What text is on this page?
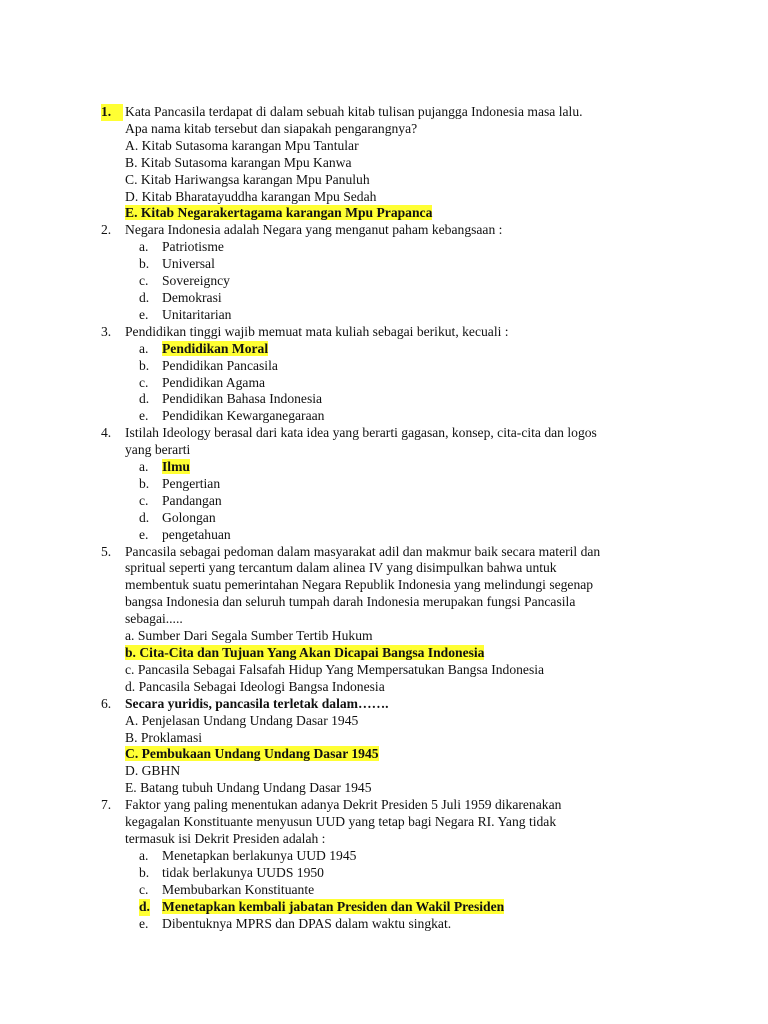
1.	Kata Pancasila terdapat di dalam sebuah kitab tulisan pujangga Indonesia masa lalu.
Apa nama kitab tersebut dan siapakah pengarangnya?
A. Kitab Sutasoma karangan Mpu Tantular
B. Kitab Sutasoma karangan Mpu Kanwa
C. Kitab Hariwangsa karangan Mpu Panuluh
D. Kitab Bharatayuddha karangan Mpu Sedah
E. Kitab Negarakertagama karangan Mpu Prapanca
2.	Negara Indonesia adalah Negara yang menganut paham kebangsaan :
a. Patriotisme
b. Universal
c. Sovereigncy
d. Demokrasi
e. Unitaritarian
3.	Pendidikan tinggi wajib memuat mata kuliah sebagai berikut, kecuali :
a. Pendidikan Moral
b. Pendidikan Pancasila
c. Pendidikan Agama
d. Pendidikan Bahasa Indonesia
e. Pendidikan Kewarganegaraan
4.	Istilah Ideology berasal dari kata idea yang berarti gagasan, konsep, cita-cita dan logos
yang berarti
a. Ilmu
b. Pengertian
c. Pandangan
d. Golongan
e. pengetahuan
5.	Pancasila sebagai pedoman dalam masyarakat adil dan makmur baik secara materil dan
spritual seperti yang tercantum dalam alinea IV yang disimpulkan bahwa untuk
membentuk suatu pemerintahan Negara Republik Indonesia yang melindungi segenap
bangsa Indonesia dan seluruh tumpah darah Indonesia merupakan fungsi Pancasila
sebagai.....
a. Sumber Dari Segala Sumber Tertib Hukum
b. Cita-Cita dan Tujuan Yang Akan Dicapai Bangsa Indonesia
c. Pancasila Sebagai Falsafah Hidup Yang Mempersatukan Bangsa Indonesia
d. Pancasila Sebagai Ideologi Bangsa Indonesia
6.	Secara yuridis, pancasila terletak dalam…….
A. Penjelasan Undang Undang Dasar 1945
B. Proklamasi
C. Pembukaan Undang Undang Dasar 1945
D. GBHN
E. Batang tubuh Undang Undang Dasar 1945
7.	Faktor yang paling menentukan adanya Dekrit Presiden 5 Juli 1959 dikarenakan
kegagalan Konstituante menyusun UUD yang tetap bagi Negara RI. Yang tidak
termasuk isi Dekrit Presiden adalah :
a. Menetapkan berlakunya UUD 1945
b. tidak berlakunya UUDS 1950
c. Membubarkan Konstituante
d. Menetapkan kembali jabatan Presiden dan Wakil Presiden
e. Dibentuknya MPRS dan DPAS dalam waktu singkat.
